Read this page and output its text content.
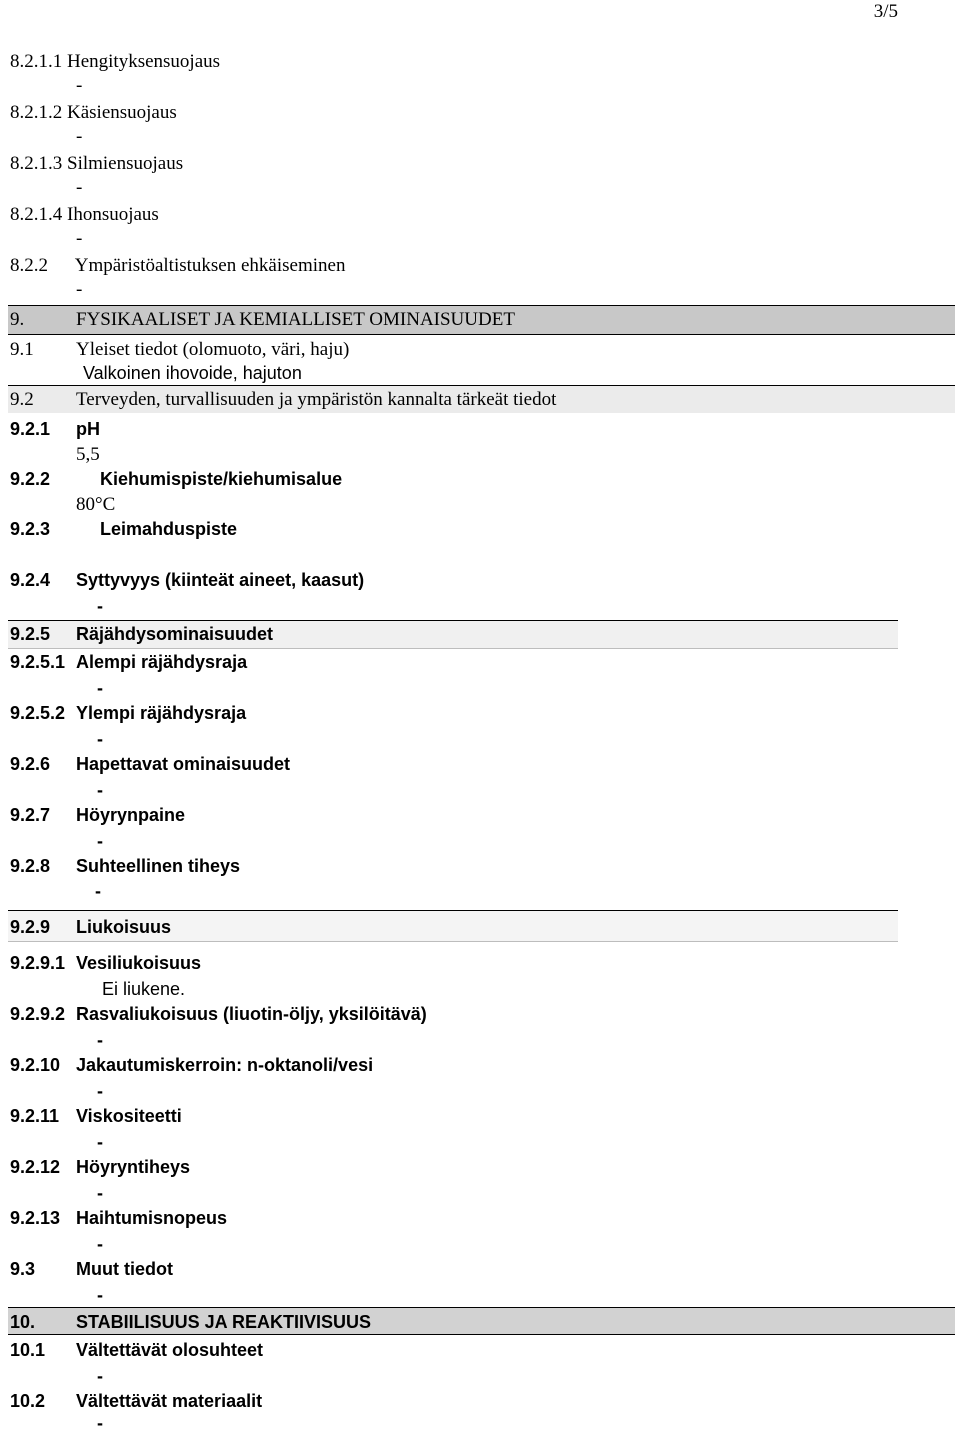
3/5
8.2.1.1 Hengityksensuojaus
-
8.2.1.2 Käsiensuojaus
-
8.2.1.3 Silmiensuojaus
-
8.2.1.4 Ihonsuojaus
-
8.2.2 Ympäristöaltistuksen ehkäiseminen
-
9.	FYSIKAALISET JA KEMIALLISET OMINAISUUDET
9.1 Yleiset tiedot (olomuoto, väri, haju)
Valkoinen ihovoide, hajuton
9.2 Terveyden, turvallisuuden ja ympäristön kannalta tärkeät tiedot
9.2.1 pH
5,5
9.2.2	Kiehumispiste/kiehumisalue
80°C
9.2.3	Leimahduspiste
9.2.4 Syttyvyys (kiinteät aineet, kaasut)
-
9.2.5 Räjähdysominaisuudet
9.2.5.1 Alempi räjähdysraja
-
9.2.5.2 Ylempi räjähdysraja
-
9.2.6 Hapettavat ominaisuudet
-
9.2.7 Höyrynpaine
-
9.2.8 Suhteellinen tiheys
-
9.2.9 Liukoisuus
9.2.9.1 Vesiliukoisuus
Ei liukene.
9.2.9.2 Rasvaliukoisuus (liuotin-öljy, yksilöitävä)
-
9.2.10 Jakautumiskerroin: n-oktanoli/vesi
-
9.2.11 Viskositeetti
-
9.2.12 Höyryntiheys
-
9.2.13 Haihtumisnopeus
-
9.3 Muut tiedot
-
10. STABIILISUUS JA REAKTIIVISUUS
10.1 Vältettävät olosuhteet
-
10.2 Vältettävät materiaalit
-
